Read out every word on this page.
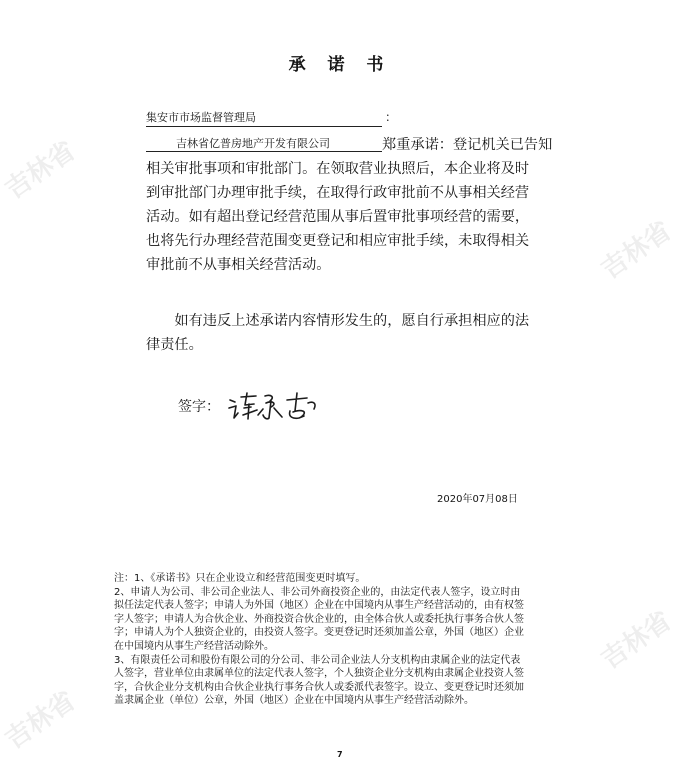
吉林省
吉林省
吉林省
吉林省
承 诺 书
集安市市场监督管理局	：
吉林省亿普房地产开发有限公司	郑重承诺：登记机关已告知
相关审批事项和审批部门。在领取营业执照后，本企业将及时
到审批部门办理审批手续，在取得行政审批前不从事相关经营
活动。如有超出登记经营范围从事后置审批事项经营的需要，
也将先行办理经营范围变更登记和相应审批手续，未取得相关
审批前不从事相关经营活动。
　　如有违反上述承诺内容情形发生的，愿自行承担相应的法
律责任。
签字：
2020年07月08日
注：1、《承诺书》只在企业设立和经营范围变更时填写。
2、申请人为公司、非公司企业法人、非公司外商投资企业的，由法定代表人签字，设立时由
拟任法定代表人签字；申请人为外国（地区）企业在中国境内从事生产经营活动的，由有权签
字人签字；申请人为合伙企业、外商投资合伙企业的，由全体合伙人或委托执行事务合伙人签
字；申请人为个人独资企业的，由投资人签字。变更登记时还须加盖公章，外国（地区）企业
在中国境内从事生产经营活动除外。
3、有限责任公司和股份有限公司的分公司、非公司企业法人分支机构由隶属企业的法定代表
人签字，营业单位由隶属单位的法定代表人签字，个人独资企业分支机构由隶属企业投资人签
字，合伙企业分支机构由合伙企业执行事务合伙人或委派代表签字。设立、变更登记时还须加
盖隶属企业（单位）公章，外国（地区）企业在中国境内从事生产经营活动除外。
7
